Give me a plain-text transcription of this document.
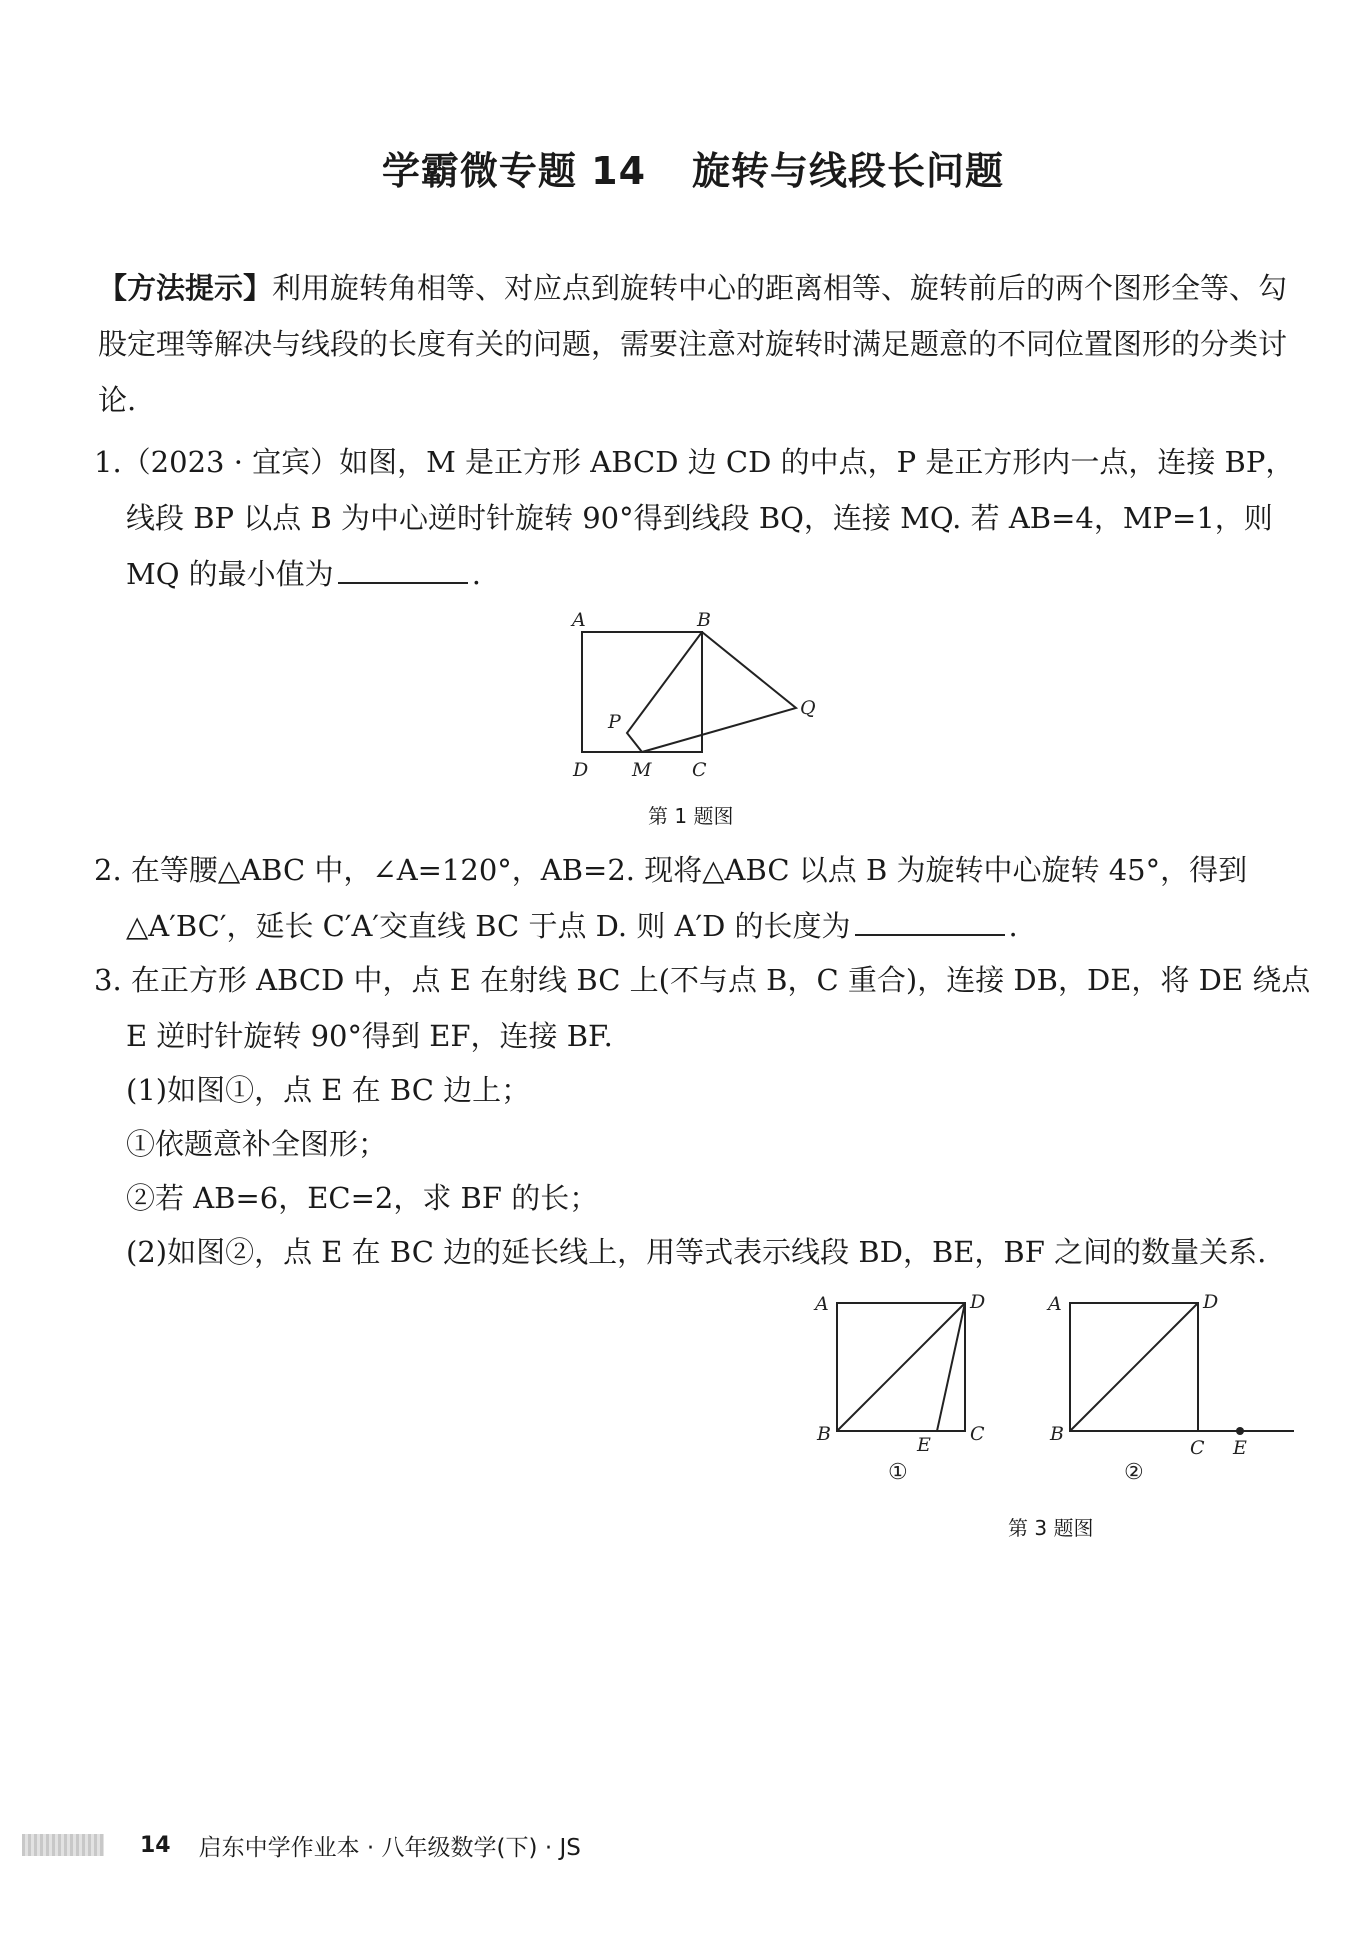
学霸微专题 14 旋转与线段长问题
【方法提示】利用旋转角相等、对应点到旋转中心的距离相等、旋转前后的两个图形全等、勾股定理等解决与线段的长度有关的问题，需要注意对旋转时满足题意的不同位置图形的分类讨论.
1.（2023 · 宜宾）如图，M 是正方形 ABCD 边 CD 的中点，P 是正方形内一点，连接 BP，
线段 BP 以点 B 为中心逆时针旋转 90°得到线段 BQ，连接 MQ. 若 AB=4，MP=1，则
MQ 的最小值为	.
A	B
C
D M
P
Q
第 1 题图
2. 在等腰△ABC 中，∠A=120°，AB=2. 现将△ABC 以点 B 为旋转中心旋转 45°，得到
△A′BC′，延长 C′A′交直线 BC 于点 D. 则 A′D 的长度为	.
3. 在正方形 ABCD 中，点 E 在射线 BC 上(不与点 B，C 重合)，连接 DB，DE，将 DE 绕点
E 逆时针旋转 90°得到 EF，连接 BF.
(1)如图①，点 E 在 BC 边上；
①依题意补全图形；
②若 AB=6，EC=2，求 BF 的长；
(2)如图②，点 E 在 BC 边的延长线上，用等式表示线段 BD，BE，BF 之间的数量关系.
A	D
B	C
E
①
A	D
B
C E
②
第 3 题图
14 启东中学作业本 · 八年级数学(下) · JS
